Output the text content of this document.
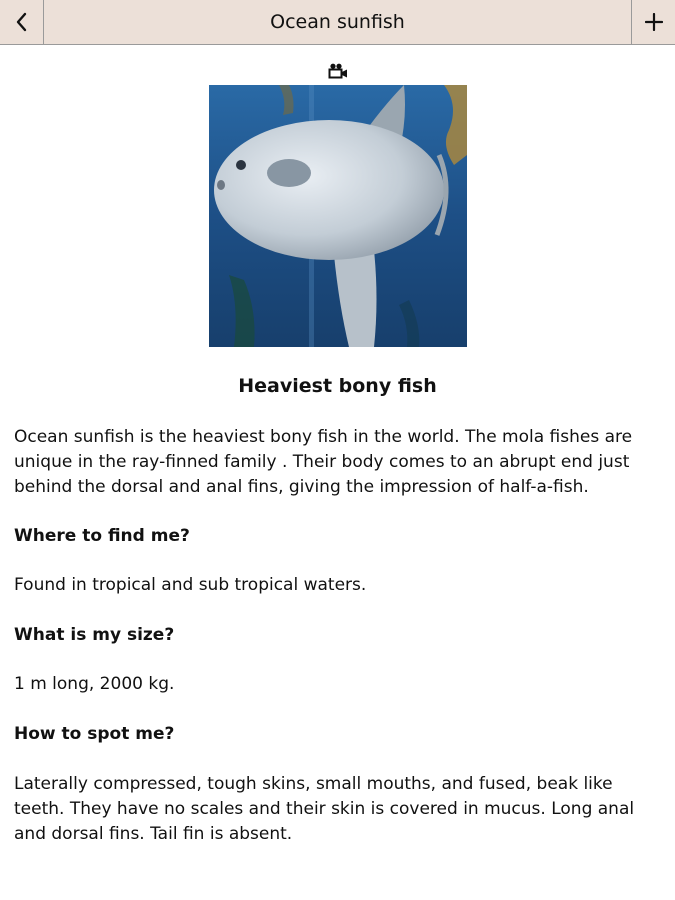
Ocean sunfish
Heaviest bony fish

Ocean sunfish is the heaviest bony fish in the world. The mola fishes are unique in the ray-finned family . Their body comes to an abrupt end just behind the dorsal and anal fins, giving the impression of half-a-fish.

Where to find me?

Found in tropical and sub tropical waters.

What is my size?

1 m long, 2000 kg.

How to spot me?

Laterally compressed, tough skins, small mouths, and fused, beak like teeth. They have no scales and their skin is covered in mucus. Long anal and dorsal fins. Tail fin is absent.
